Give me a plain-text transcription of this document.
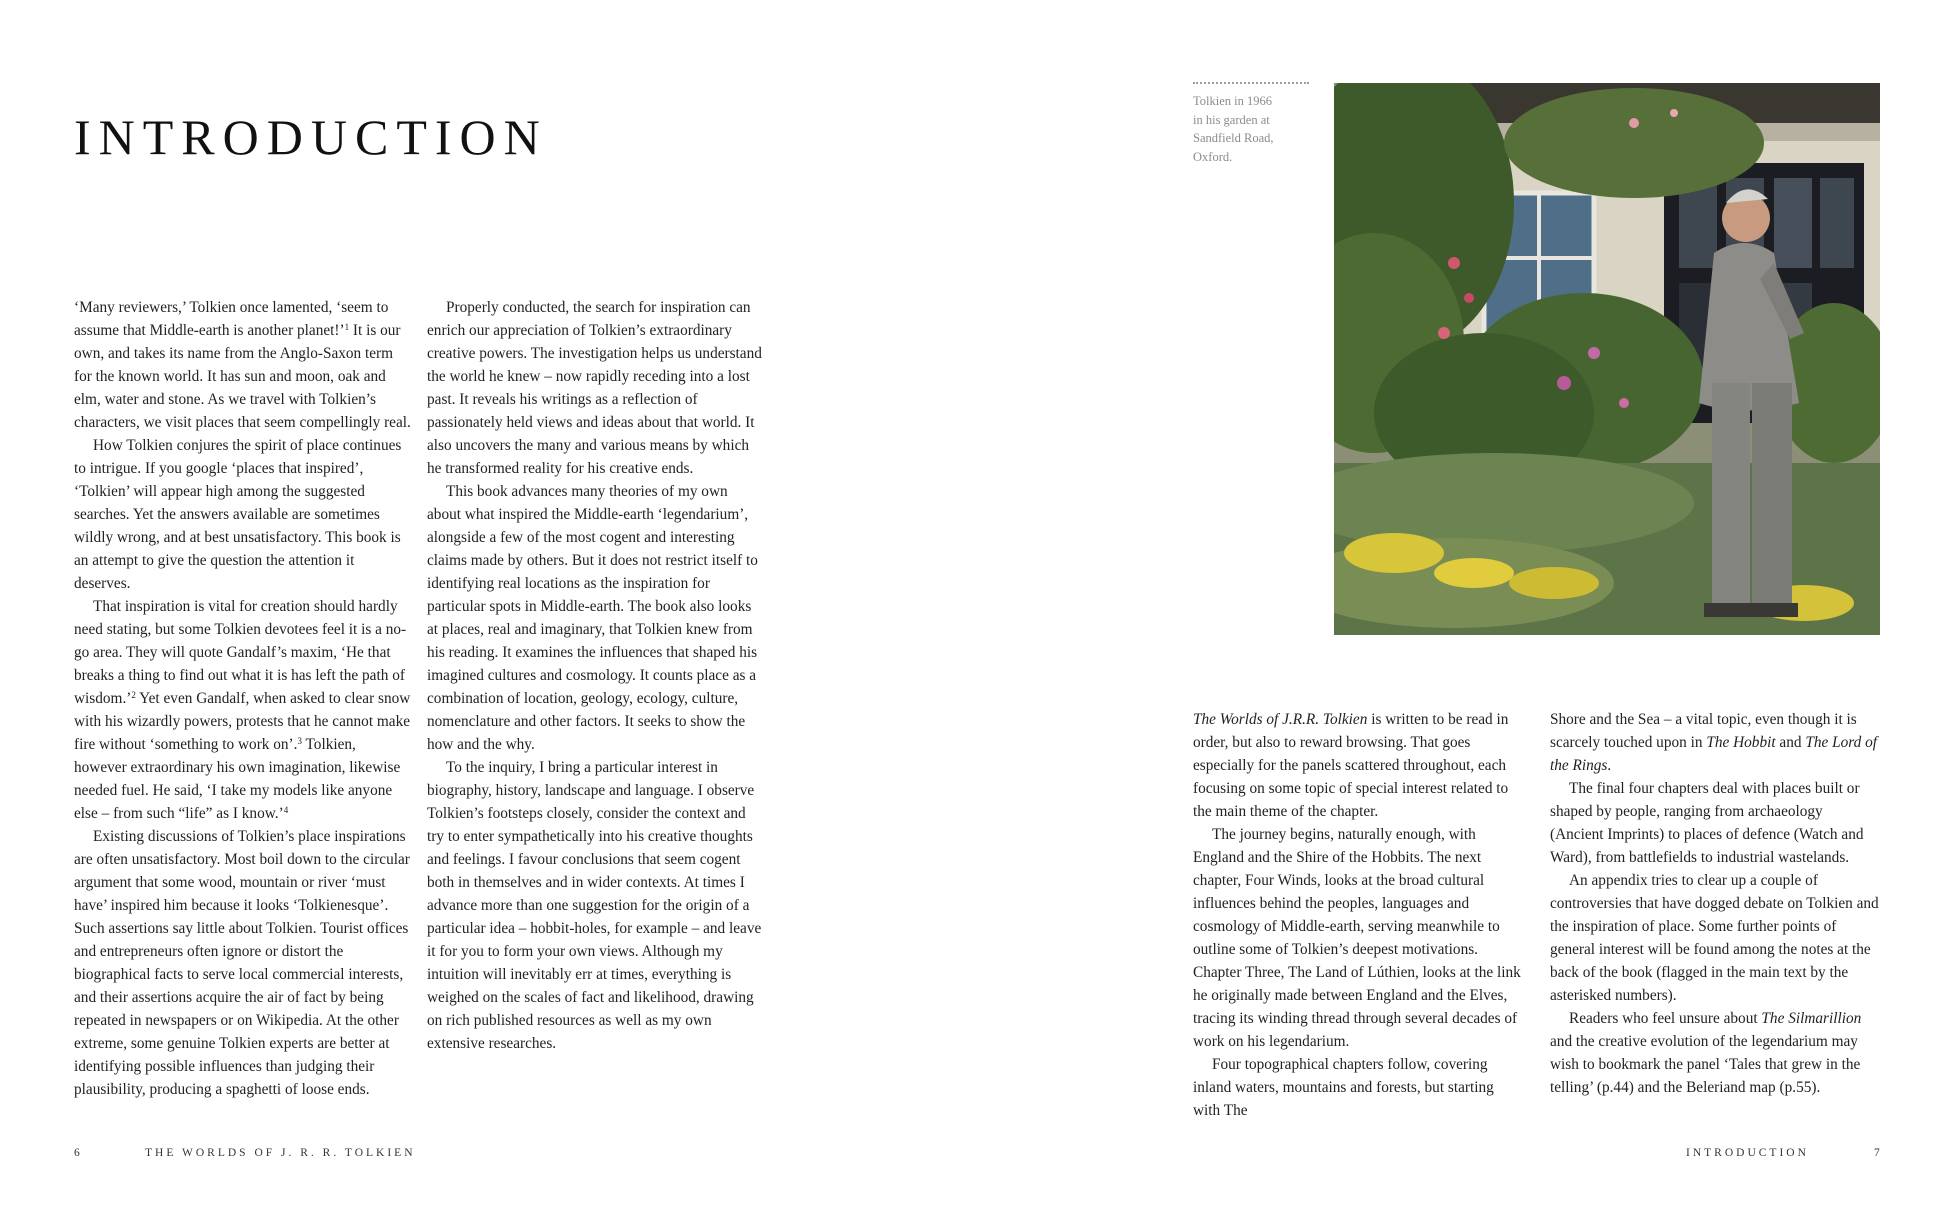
INTRODUCTION

‘Many reviewers,’ Tolkien once lamented, ‘seem to assume that Middle-earth is another planet!’$^1$ It is our own, and takes its name from the Anglo-Saxon term for the known world. It has sun and moon, oak and elm, water and stone. As we travel with Tolkien’s characters, we visit places that seem compellingly real.

How Tolkien conjures the spirit of place continues to intrigue. If you google ‘places that inspired’, ‘Tolkien’ will appear high among the suggested searches. Yet the answers available are sometimes wildly wrong, and at best unsatisfactory. This book is an attempt to give the question the attention it deserves.

That inspiration is vital for creation should hardly need stating, but some Tolkien devotees feel it is a no-go area. They will quote Gandalf’s maxim, ‘He that breaks a thing to find out what it is has left the path of wisdom.’$^2$ Yet even Gandalf, when asked to clear snow with his wizardly powers, protests that he cannot make fire without ‘something to work on’.$^3$ Tolkien, however extraordinary his own imagination, likewise needed fuel. He said, ‘I take my models like anyone else – from such “life” as I know.’$^4$

Existing discussions of Tolkien’s place inspirations are often unsatisfactory. Most boil down to the circular argument that some wood, mountain or river ‘must have’ inspired him because it looks ‘Tolkienesque’. Such assertions say little about Tolkien. Tourist offices and entrepreneurs often ignore or distort the biographical facts to serve local commercial interests, and their assertions acquire the air of fact by being repeated in newspapers or on Wikipedia. At the other extreme, some genuine Tolkien experts are better at identifying possible influences than judging their plausibility, producing a spaghetti of loose ends.

Properly conducted, the search for inspiration can enrich our appreciation of Tolkien’s extraordinary creative powers. The investigation helps us understand the world he knew – now rapidly receding into a lost past. It reveals his writings as a reflection of passionately held views and ideas about that world. It also uncovers the many and various means by which he transformed reality for his creative ends.

This book advances many theories of my own about what inspired the Middle-earth ‘legendarium’, alongside a few of the most cogent and interesting claims made by others. But it does not restrict itself to identifying real locations as the inspiration for particular spots in Middle-earth. The book also looks at places, real and imaginary, that Tolkien knew from his reading. It examines the influences that shaped his imagined cultures and cosmology. It counts place as a combination of location, geology, ecology, culture, nomenclature and other factors. It seeks to show the how and the why.

To the inquiry, I bring a particular interest in biography, history, landscape and language. I observe Tolkien’s footsteps closely, consider the context and try to enter sympathetically into his creative thoughts and feelings. I favour conclusions that seem cogent both in themselves and in wider contexts. At times I advance more than one suggestion for the origin of a particular idea – hobbit-holes, for example – and leave it for you to form your own views. Although my intuition will inevitably err at times, everything is weighed on the scales of fact and likelihood, drawing on rich published resources as well as my own extensive researches.

6	THE WORLDS OF J. R. R. TOLKIEN
Tolkien in 1966
in his garden at
Sandfield Road,
Oxford.

The Worlds of J.R.R. Tolkien is written to be read in order, but also to reward browsing. That goes especially for the panels scattered throughout, each focusing on some topic of special interest related to the main theme of the chapter.

The journey begins, naturally enough, with England and the Shire of the Hobbits. The next chapter, Four Winds, looks at the broad cultural influences behind the peoples, languages and cosmology of Middle-earth, serving meanwhile to outline some of Tolkien’s deepest motivations. Chapter Three, The Land of Lúthien, looks at the link he originally made between England and the Elves, tracing its winding thread through several decades of work on his legendarium.

Four topographical chapters follow, covering inland waters, mountains and forests, but starting with The

Shore and the Sea – a vital topic, even though it is scarcely touched upon in The Hobbit and The Lord of the Rings.

The final four chapters deal with places built or shaped by people, ranging from archaeology (Ancient Imprints) to places of defence (Watch and Ward), from battlefields to industrial wastelands.

An appendix tries to clear up a couple of controversies that have dogged debate on Tolkien and the inspiration of place. Some further points of general interest will be found among the notes at the back of the book (flagged in the main text by the asterisked numbers).

Readers who feel unsure about The Silmarillion and the creative evolution of the legendarium may wish to bookmark the panel ‘Tales that grew in the telling’ (p.44) and the Beleriand map (p.55).

INTRODUCTION	7
